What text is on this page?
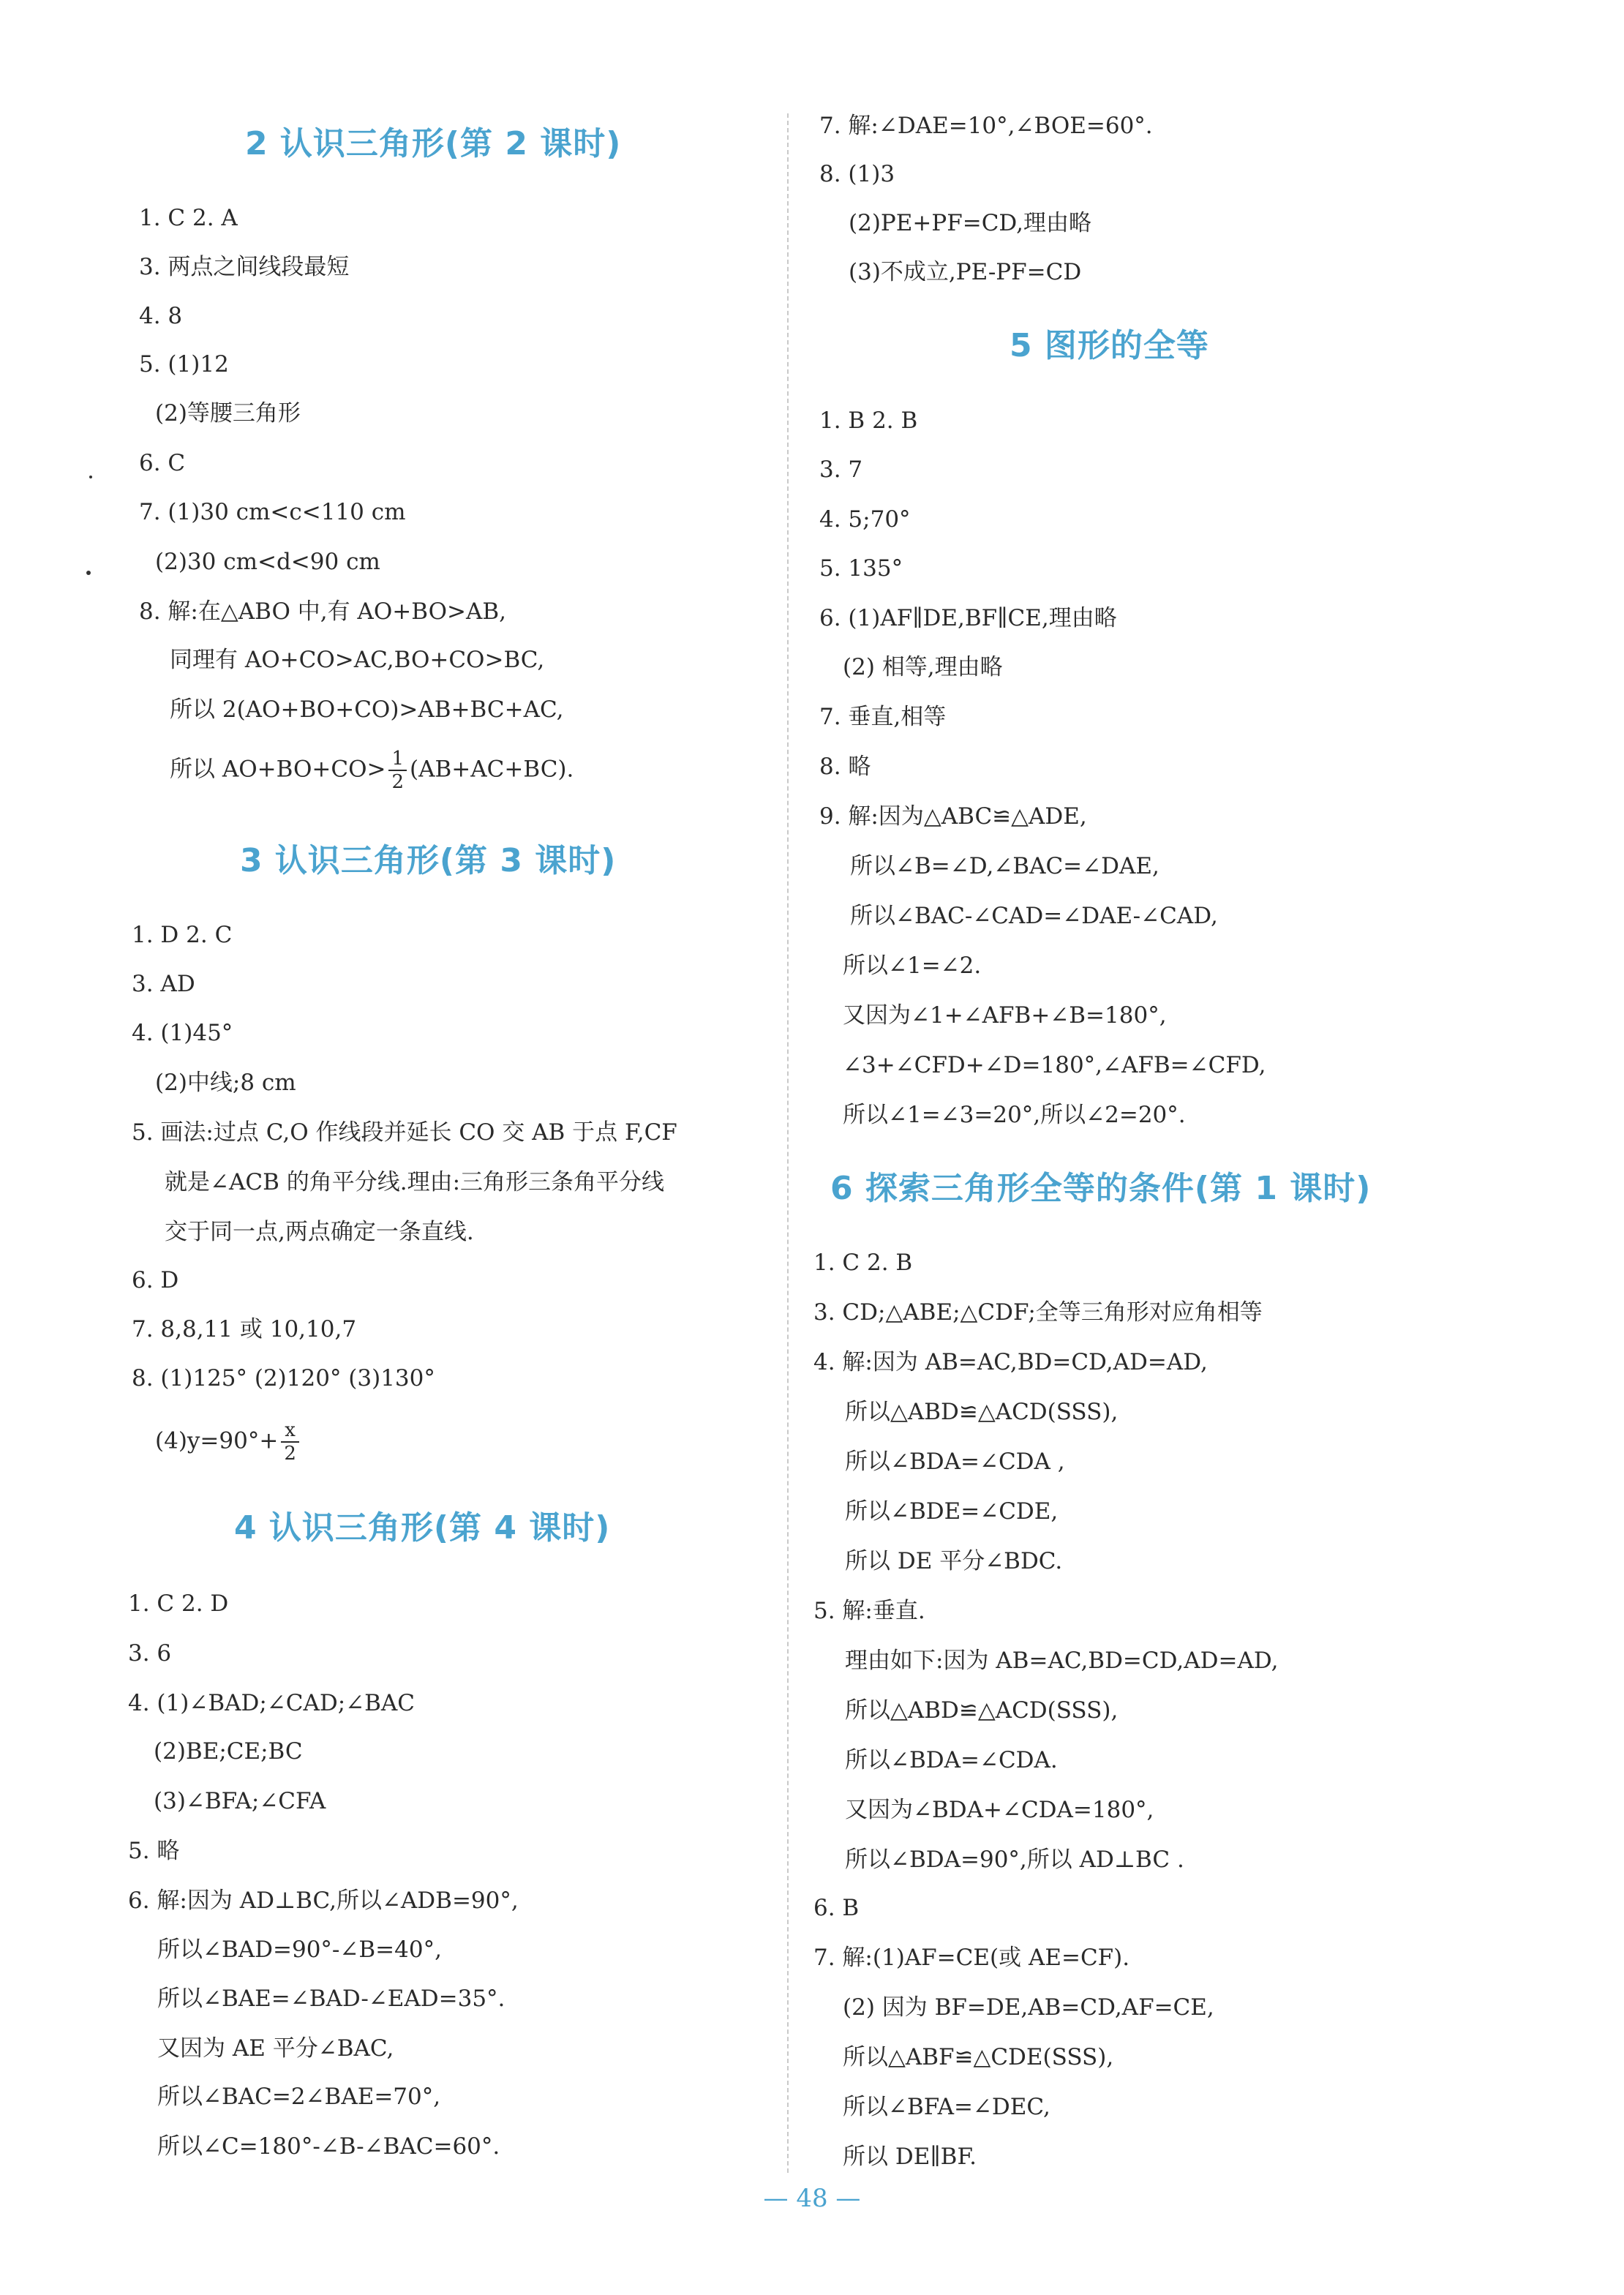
2 认识三角形(第 2 课时)
1. C 2. A
3. 两点之间线段最短
4. 8
5. (1)12
(2)等腰三角形
6. C
7. (1)30 cm<c<110 cm
(2)30 cm<d<90 cm
8. 解:在△ABO 中,有 AO+BO>AB,
同理有 AO+CO>AC,BO+CO>BC,
所以 2(AO+BO+CO)>AB+BC+AC,
所以 $AO+BO+CO> \frac{1}{2} (AB+AC+BC)$.
3 认识三角形(第 3 课时)
1. D 2. C
3. AD
4. (1)45°
(2)中线;8 cm
5. 画法:过点 C,O 作线段并延长 CO 交 AB 于点 F,CF
就是∠ACB 的角平分线.理由:三角形三条角平分线
交于同一点,两点确定一条直线.
6. D
7. 8,8,11 或 10,10,7
8. (1)125° (2)120° (3)130°
$(4)y=90^\circ+ \frac{x}{2}$
4 认识三角形(第 4 课时)
1. C 2. D
3. 6
4. (1)∠BAD;∠CAD;∠BAC
(2)BE;CE;BC
(3)∠BFA;∠CFA
5. 略
6. 解:因为 AD⊥BC,所以∠ADB=90°,
所以∠BAD=90°-∠B=40°,
所以∠BAE=∠BAD-∠EAD=35°.
又因为 AE 平分∠BAC,
所以∠BAC=2∠BAE=70°,
所以∠C=180°-∠B-∠BAC=60°.
7. 解:∠DAE=10°,∠BOE=60°.
8. (1)3
(2)PE+PF=CD,理由略
(3)不成立,PE-PF=CD
5 图形的全等
1. B 2. B
3. 7
4. 5;70°
5. 135°
6. (1)AF∥DE,BF∥CE,理由略
(2) 相等,理由略
7. 垂直,相等
8. 略
9. 解:因为△ABC≌△ADE,
所以∠B=∠D,∠BAC=∠DAE,
所以∠BAC-∠CAD=∠DAE-∠CAD,
所以∠1=∠2.
又因为∠1+∠AFB+∠B=180°,
∠3+∠CFD+∠D=180°,∠AFB=∠CFD,
所以∠1=∠3=20°,所以∠2=20°.
6 探索三角形全等的条件(第 1 课时)
1. C 2. B
3. CD;△ABE;△CDF;全等三角形对应角相等
4. 解:因为 AB=AC,BD=CD,AD=AD,
所以△ABD≌△ACD(SSS),
所以∠BDA=∠CDA ,
所以∠BDE=∠CDE,
所以 DE 平分∠BDC.
5. 解:垂直.
理由如下:因为 AB=AC,BD=CD,AD=AD,
所以△ABD≌△ACD(SSS),
所以∠BDA=∠CDA.
又因为∠BDA+∠CDA=180°,
所以∠BDA=90°,所以 AD⊥BC .
6. B
7. 解:(1)AF=CE(或 AE=CF).
(2) 因为 BF=DE,AB=CD,AF=CE,
所以△ABF≌△CDE(SSS),
所以∠BFA=∠DEC,
所以 DE∥BF.
— 48 —
